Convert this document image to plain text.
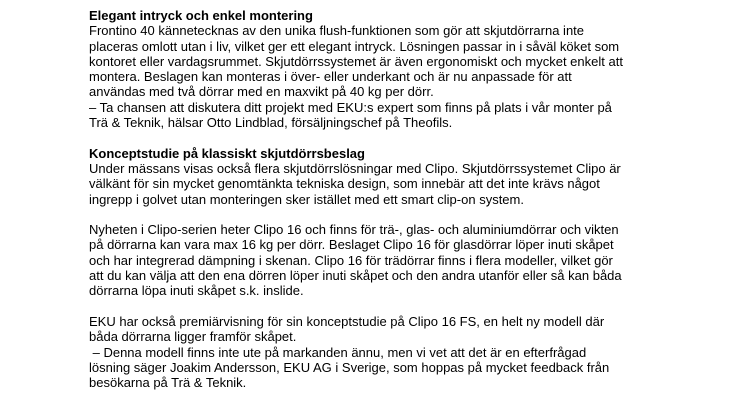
Elegant intryck och enkel montering
Frontino 40 kännetecknas av den unika flush-funktionen som gör att skjutdörrarna inte
placeras omlott utan i liv, vilket ger ett elegant intryck. Lösningen passar in i såväl köket som
kontoret eller vardagsrummet. Skjutdörrssystemet är även ergonomiskt och mycket enkelt att
montera. Beslagen kan monteras i över- eller underkant och är nu anpassade för att
användas med två dörrar med en maxvikt på 40 kg per dörr.
– Ta chansen att diskutera ditt projekt med EKU:s expert som finns på plats i vår monter på
Trä & Teknik, hälsar Otto Lindblad, försäljningschef på Theofils.
Konceptstudie på klassiskt skjutdörrsbeslag
Under mässans visas också flera skjutdörrslösningar med Clipo. Skjutdörrssystemet Clipo är
välkänt för sin mycket genomtänkta tekniska design, som innebär att det inte krävs något
ingrepp i golvet utan monteringen sker istället med ett smart clip-on system.
Nyheten i Clipo-serien heter Clipo 16 och finns för trä-, glas- och aluminiumdörrar och vikten
på dörrarna kan vara max 16 kg per dörr. Beslaget Clipo 16 för glasdörrar löper inuti skåpet
och har integrerad dämpning i skenan. Clipo 16 för trädörrar finns i flera modeller, vilket gör
att du kan välja att den ena dörren löper inuti skåpet och den andra utanför eller så kan båda
dörrarna löpa inuti skåpet s.k. inslide.
EKU har också premiärvisning för sin konceptstudie på Clipo 16 FS, en helt ny modell där
båda dörrarna ligger framför skåpet.
– Denna modell finns inte ute på markanden ännu, men vi vet att det är en efterfrågad
lösning säger Joakim Andersson, EKU AG i Sverige, som hoppas på mycket feedback från
besökarna på Trä & Teknik.
